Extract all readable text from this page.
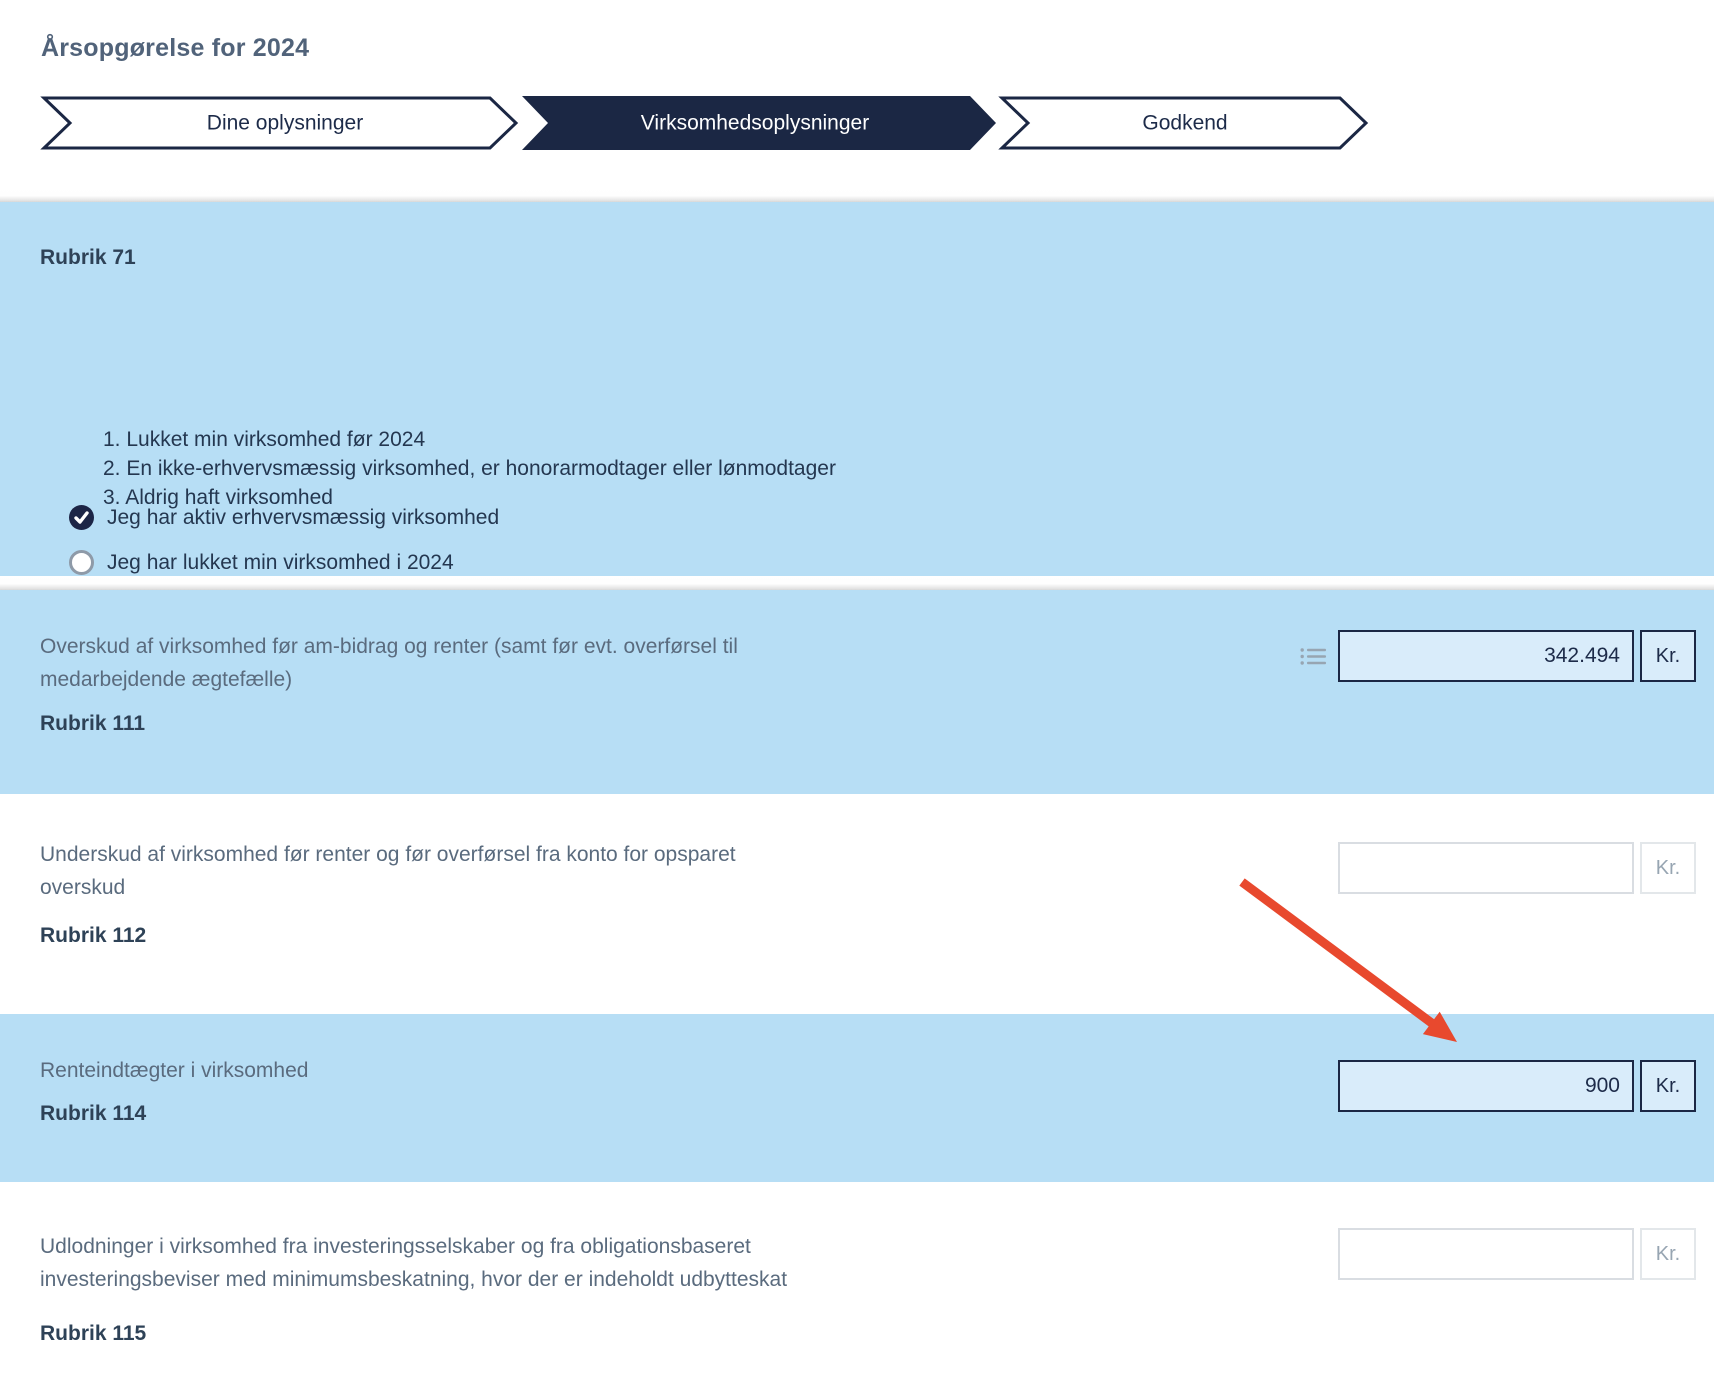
Årsopgørelse for 2024
Dine oplysninger	Virksomhedsoplysninger	Godkend
Rubrik 71
Jeg har aktiv erhvervsmæssig virksomhed
Jeg har lukket min virksomhed i 2024
1. Lukket min virksomhed før 2024
2. En ikke-erhvervsmæssig virksomhed, er honorarmodtager eller lønmodtager
3. Aldrig haft virksomhed

Overskud af virksomhed før am-bidrag og renter (samt før evt. overførsel til medarbejdende ægtefælle)

Rubrik 111
342.494
Kr.

Underskud af virksomhed før renter og før overførsel fra konto for opsparet overskud

Rubrik 112
Kr.

Renteindtægter i virksomhed

Rubrik 114
900
Kr.

Udlodninger i virksomhed fra investeringsselskaber og fra obligationsbaseret investeringsbeviser med minimumsbeskatning, hvor der er indeholdt udbytteskat

Rubrik 115
Kr.
